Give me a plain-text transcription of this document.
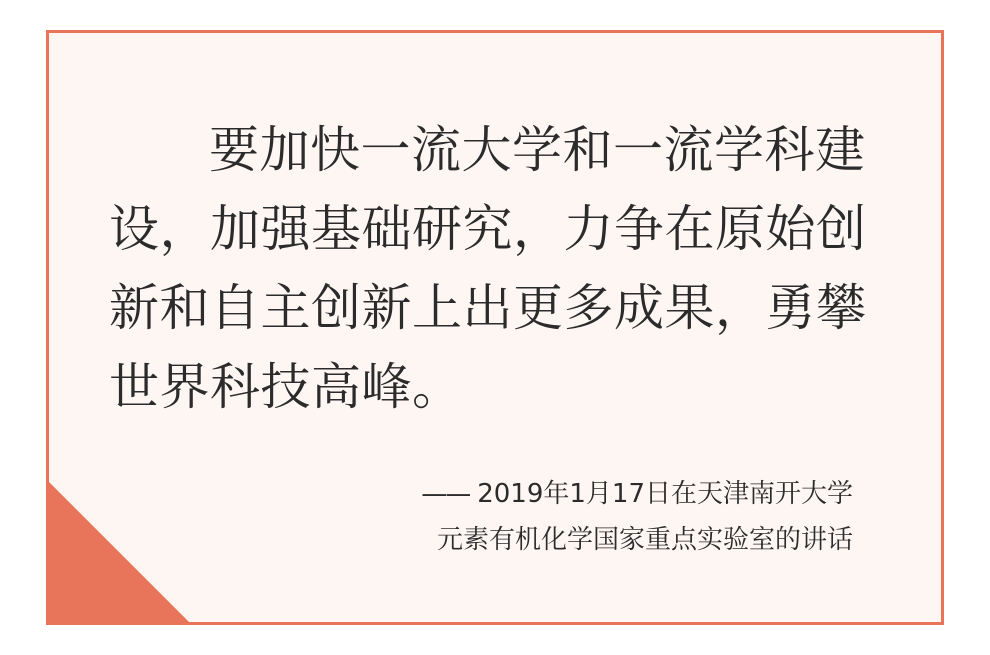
要加快一流大学和一流学科建
设，加强基础研究，力争在原始创
新和自主创新上出更多成果，勇攀
世界科技高峰。
—— 2019年1月17日在天津南开大学
元素有机化学国家重点实验室的讲话
